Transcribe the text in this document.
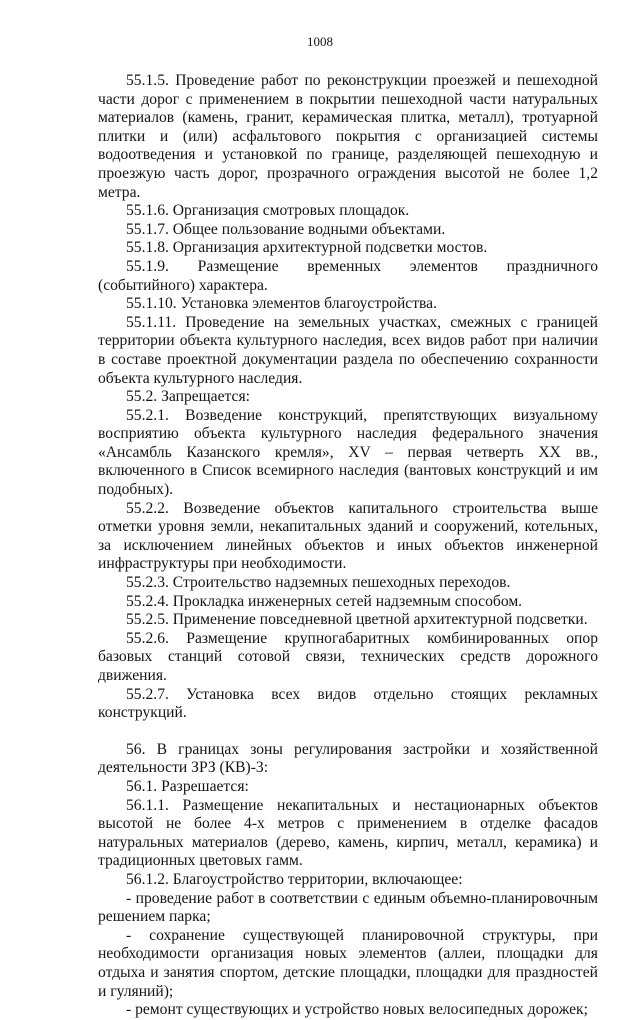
1008

55.1.5. Проведение работ по реконструкции проезжей и пешеходной части дорог с применением в покрытии пешеходной части натуральных материалов (камень, гранит, керамическая плитка, металл), тротуарной плитки и (или) асфальтового покрытия с организацией системы водоотведения и установкой по границе, разделяющей пешеходную и проезжую часть дорог, прозрачного ограждения высотой не более 1,2 метра.

55.1.6. Организация смотровых площадок.

55.1.7. Общее пользование водными объектами.

55.1.8. Организация архитектурной подсветки мостов.

55.1.9. Размещение временных элементов праздничного (событийного) характера.

55.1.10. Установка элементов благоустройства.

55.1.11. Проведение на земельных участках, смежных с границей территории объекта культурного наследия, всех видов работ при наличии в составе проектной документации раздела по обеспечению сохранности объекта культурного наследия.

55.2. Запрещается:

55.2.1. Возведение конструкций, препятствующих визуальному восприятию объекта культурного наследия федерального значения «Ансамбль Казанского кремля», XV – первая четверть XX вв., включенного в Список всемирного наследия (вантовых конструкций и им подобных).

55.2.2. Возведение объектов капитального строительства выше отметки уровня земли, некапитальных зданий и сооружений, котельных, за исключением линейных объектов и иных объектов инженерной инфраструктуры при необходимости.

55.2.3. Строительство надземных пешеходных переходов.

55.2.4. Прокладка инженерных сетей надземным способом.

55.2.5. Применение повседневной цветной архитектурной подсветки.

55.2.6. Размещение крупногабаритных комбинированных опор базовых станций сотовой связи, технических средств дорожного движения.

55.2.7. Установка всех видов отдельно стоящих рекламных конструкций.

56. В границах зоны регулирования застройки и хозяйственной деятельности ЗРЗ (КВ)-3:

56.1. Разрешается:

56.1.1. Размещение некапитальных и нестационарных объектов высотой не более 4-х метров с применением в отделке фасадов натуральных материалов (дерево, камень, кирпич, металл, керамика) и традиционных цветовых гамм.

56.1.2. Благоустройство территории, включающее:

- проведение работ в соответствии с единым объемно-планировочным решением парка;

- сохранение существующей планировочной структуры, при необходимости организация новых элементов (аллеи, площадки для отдыха и занятия спортом, детские площадки, площадки для праздностей и гуляний);

- ремонт существующих и устройство новых велосипедных дорожек;
